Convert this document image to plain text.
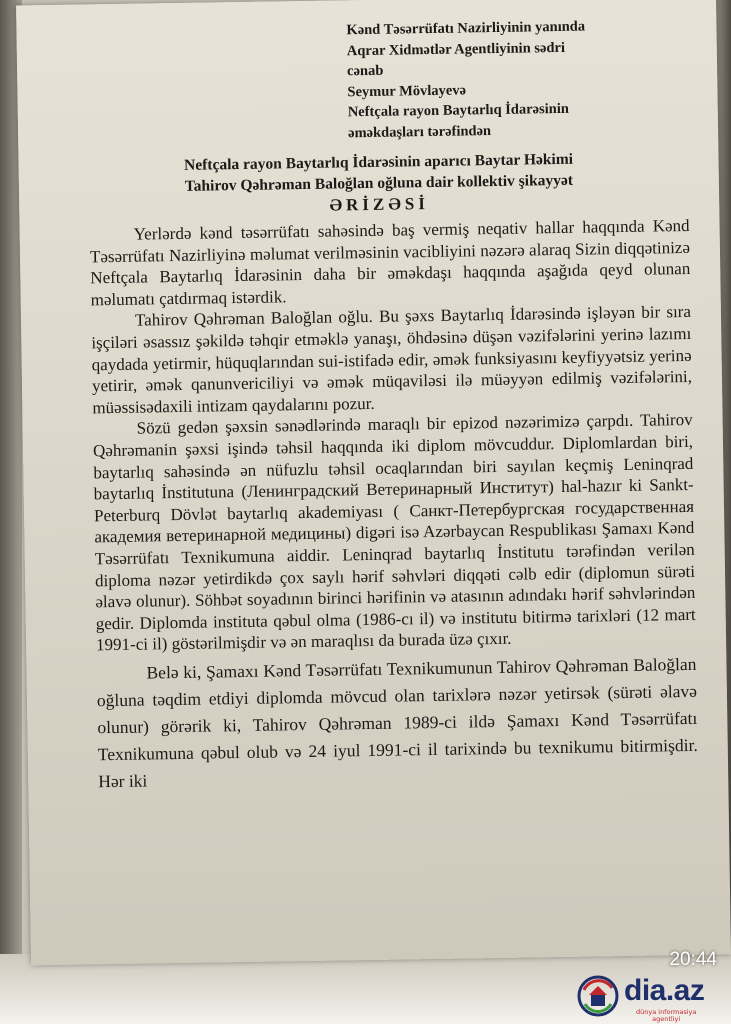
Kənd Təsərrüfatı Nazirliyinin yanında
Aqrar Xidmətlər Agentliyinin sədri
cənab
Seymur Mövlayevə
Neftçala rayon Baytarlıq İdarəsinin
əməkdaşları tərəfindən
Neftçala rayon Baytarlıq İdarəsinin aparıcı Baytar Həkimi
Tahirov Qəhrəman Baloğlan oğluna dair kollektiv şikayyət
ƏRİZƏSİ

Yerlərdə kənd təsərrüfatı sahəsində baş vermiş neqativ hallar haqqında Kənd Təsərrüfatı Nazirliyinə məlumat verilməsinin vacibliyini nəzərə alaraq Sizin diqqətinizə Neftçala Baytarlıq İdarəsinin daha bir əməkdaşı haqqında aşağıda qeyd olunan məlumatı çatdırmaq istərdik.

Tahirov Qəhrəman Baloğlan oğlu. Bu şəxs Baytarlıq İdarəsində işləyən bir sıra işçiləri əsassız şəkildə təhqir etməklə yanaşı, öhdəsinə düşən vəzifələrini yerinə lazımı qaydada yetirmir, hüquqlarından sui-istifadə edir, əmək funksiyasını keyfiyyətsiz yerinə yetirir, əmək qanunvericiliyi və əmək müqaviləsi ilə müəyyən edilmiş vəzifələrini, müəssisədaxili intizam qaydalarını pozur.

Sözü gedən şəxsin sənədlərində maraqlı bir epizod nəzərimizə çarpdı. Tahirov Qəhrəmanin şəxsi işində təhsil haqqında iki diplom mövcuddur. Diplomlardan biri, baytarlıq sahəsində ən nüfuzlu təhsil ocaqlarından biri sayılan keçmiş Leninqrad baytarlıq İnstitutuna (Ленинградский Ветеринарный Институт) hal-hazır ki Sankt-Peterburq Dövlət baytarlıq akademiyası ( Санкт-Петербургская государственная академия ветеринарной медицины) digəri isə Azərbaycan Respublikası Şamaxı Kənd Təsərrüfatı Texnikumuna aiddir. Leninqrad baytarlıq İnstitutu tərəfindən verilən diploma nəzər yetirdikdə çox saylı hərif səhvləri diqqəti cəlb edir (diplomun sürəti əlavə olunur). Söhbət soyadının birinci hərifinin və atasının adındakı hərif səhvlərindən gedir. Diplomda instituta qəbul olma (1986-cı il) və institutu bitirmə tarixləri (12 mart 1991-ci il) göstərilmişdir və ən maraqlısı da burada üzə çıxır.

Belə ki, Şamaxı Kənd Təsərrüfatı Texnikumunun Tahirov Qəhrəman Baloğlan oğluna təqdim etdiyi diplomda mövcud olan tarixlərə nəzər yetirsək (sürəti əlavə olunur) görərik ki, Tahirov Qəhrəman 1989-ci ildə Şamaxı Kənd Təsərrüfatı Texnikumuna qəbul olub və 24 iyul 1991-ci il tarixində bu texnikumu bitirmişdir. Hər iki

20:44
dia.az
dünya informasiya
agentliyi
